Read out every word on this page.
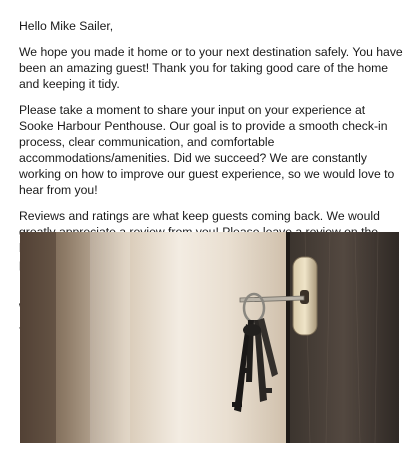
Hello Mike Sailer,
We hope you made it home or to your next destination safely. You have been an amazing guest! Thank you for taking good care of the home and keeping it tidy.
Please take a moment to share your input on your experience at Sooke Harbour Penthouse. Our goal is to provide a smooth check-in process, clear communication, and comfortable accommodations/amenities. Did we succeed? We are constantly working on how to improve our guest experience, so we would love to hear from you!
Reviews and ratings are what keep guests coming back. We would
